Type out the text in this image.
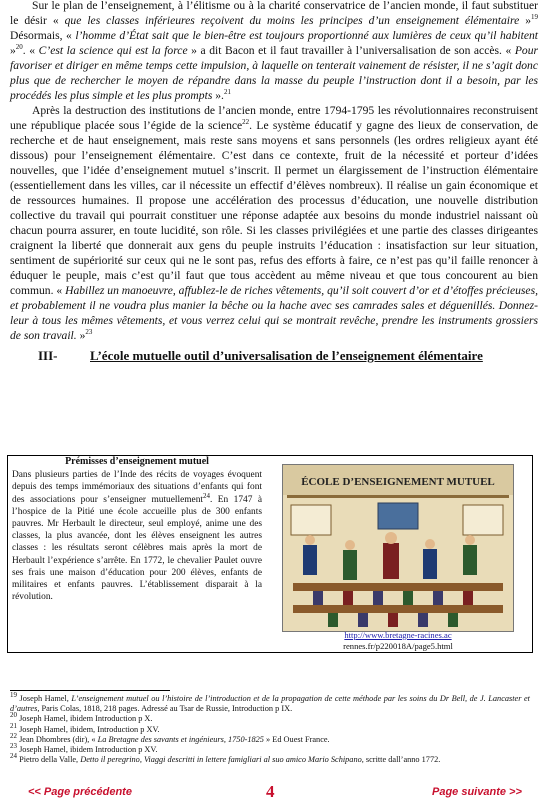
Sur le plan de l’enseignement, à l’élitisme ou à la charité conservatrice de l’ancien monde, il faut substituer le désir « que les classes inférieures reçoivent du moins les principes d’un enseignement élémentaire »$^{19}$ Désormais, « l’homme d’État sait que le bien-être est toujours proportionné aux lumières de ceux qu’il habitent »$^{20}$. « C’est la science qui est la force » a dit Bacon et il faut travailler à l’universalisation de son accès. « Pour favoriser et diriger en même temps cette impulsion, à laquelle on tenterait vainement de résister, il ne s’agit donc plus que de rechercher le moyen de répandre dans la masse du peuple l’instruction dont il a besoin, par les procédés les plus simple et les plus prompts ».$^{21}$

Après la destruction des institutions de l’ancien monde, entre 1794-1795 les révolutionnaires reconstruisent une république placée sous l’égide de la science$^{22}$. Le système éducatif y gagne des lieux de conservation, de recherche et de haut enseignement, mais reste sans moyens et sans personnels (les ordres religieux ayant été dissous) pour l’enseignement élémentaire. C’est dans ce contexte, fruit de la nécessité et porteur d’idées nouvelles, que l’idée d’enseignement mutuel s’inscrit. Il permet un élargissement de l’instruction élémentaire (essentiellement dans les villes, car il nécessite un effectif d’élèves nombreux). Il réalise un gain économique et de ressources humaines. Il propose une accélération des processus d’éducation, une nouvelle distribution collective du travail qui pourrait constituer une réponse adaptée aux besoins du monde industriel naissant où chacun pourra assurer, en toute lucidité, son rôle. Si les classes privilégiées et une partie des classes dirigeantes craignent la liberté que donnerait aux gens du peuple instruits l’éducation : insatisfaction sur leur situation, sentiment de supériorité sur ceux qui ne le sont pas, refus des efforts à faire, ce n’est pas qu’il faille renoncer à éduquer le peuple, mais c’est qu’il faut que tous accèdent au même niveau et que tous concourent au bien commun. « Habillez un manoeuvre, affublez-le de riches vêtements, qu’il soit couvert d’or et d’étoffes précieuses, et probablement il ne voudra plus manier la bêche ou la hache avec ses camrades sales et déguenillés. Donnez-leur à tous les mêmes vêtements, et vous verrez celui qui se montrait revêche, prendre les instruments grossiers de son travail. »$^{23}$

III- L’école mutuelle outil d’universalisation de l’enseignement élémentaire

Prémisses d’enseignement mutuel

Dans plusieurs parties de l’Inde des récits de voyages évoquent depuis des temps immémoriaux des situations d’enfants qui font des associations pour s’enseigner mutuellement$^{24}$. En 1747 à l’hospice de la Pitié une école accueille plus de 300 enfants pauvres. Mr Herbault le directeur, seul employé, anime une des classes, la plus avancée, dont les élèves enseignent les autres classes : les résultats seront célèbres mais après la mort de Herbault l’expérience s’arrête. En 1772, le chevalier Paulet ouvre ses frais une maison d’éducation pour 200 élèves, enfants de militaires et enfants pauvres. L’établissement disparait à la révolution.
ÉCOLE D’ENSEIGNEMENT MUTUEL
http://www.bretagne-racines.ac
rennes.fr/p220018A/page5.html

$^{19}$ Joseph Hamel, L’enseignement mutuel ou l’histoire de l’introduction et de la propagation de cette méthode par les soins du Dr Bell, de J. Lancaster et d’autres, Paris Colas, 1818, 218 pages. Adressé au Tsar de Russie, Introduction p IX.

$^{20}$ Joseph Hamel, ibidem Introduction p X.

$^{21}$ Joseph Hamel, ibidem, Introduction p XV.

$^{22}$ Jean Dhombres (dir), « La Bretagne des savants et ingénieurs, 1750-1825 » Ed Ouest France.

$^{23}$ Joseph Hamel, ibidem Introduction p XV.

$^{24}$ Pietro della Valle, Detto il peregrino, Viaggi descritti in lettere famigliari al suo amico Mario Schipano, scritte dall’anno 1772.

<< Page précédente	4	Page suivante >>
